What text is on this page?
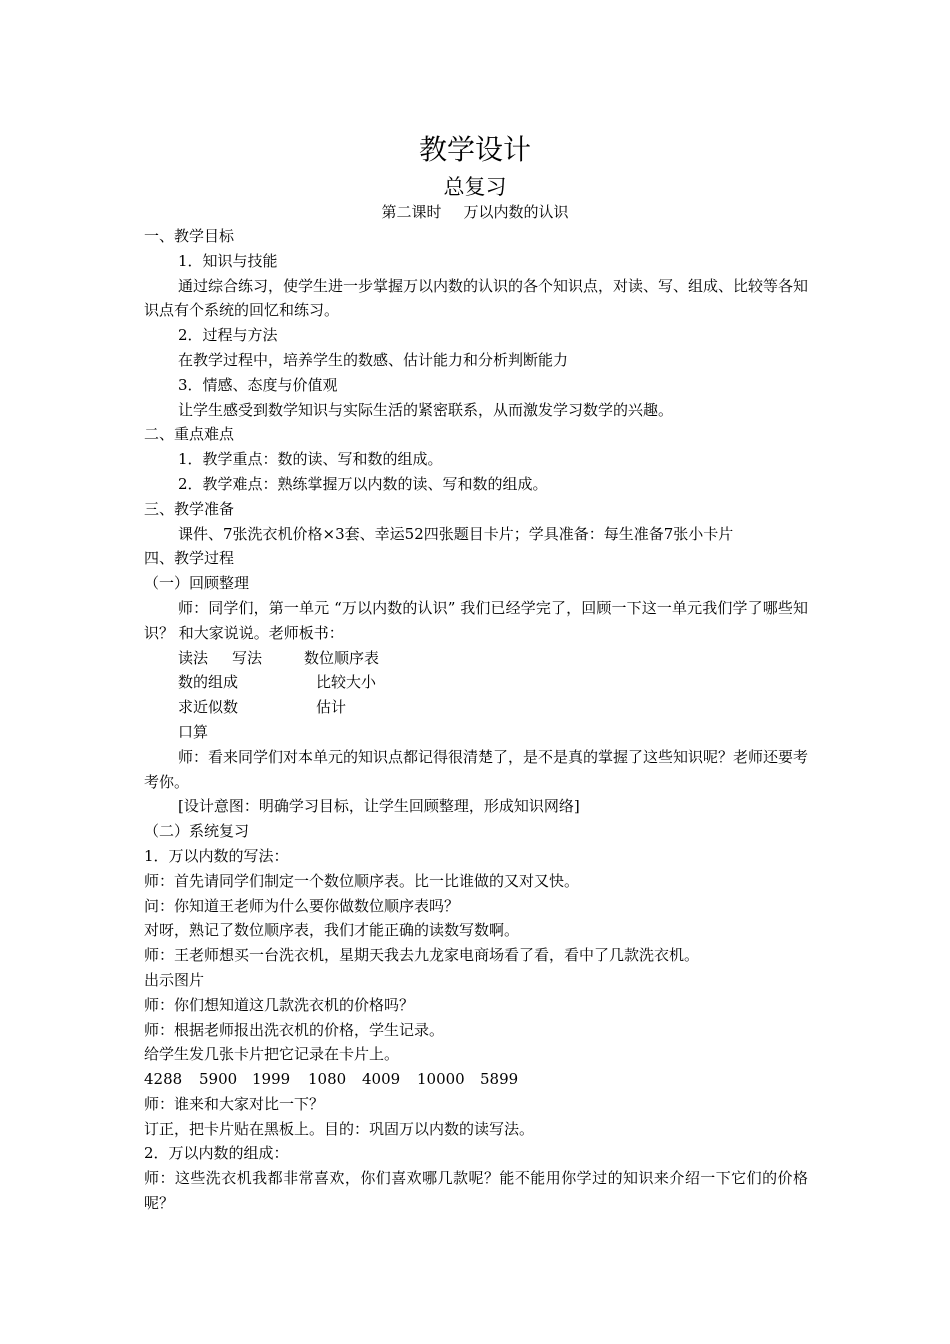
教学设计
总复习
第二课时 万以内数的认识

一、教学目标

1．知识与技能

通过综合练习，使学生进一步掌握万以内数的认识的各个知识点，对读、写、组成、比较等各知识点有个系统的回忆和练习。

2．过程与方法

在教学过程中，培养学生的数感、估计能力和分析判断能力

3．情感、态度与价值观

让学生感受到数学知识与实际生活的紧密联系，从而激发学习数学的兴趣。

二、重点难点

1．教学重点：数的读、写和数的组成。

2．教学难点：熟练掌握万以内数的读、写和数的组成。

三、教学准备

课件、7张洗衣机价格×3套、幸运52四张题目卡片；学具准备：每生准备7张小卡片

四、教学过程

（一）回顾整理

师：同学们，第一单元 “万以内数的认识” 我们已经学完了，回顾一下这一单元我们学了哪些知识？ 和大家说说。老师板书：

读法 写法	数位顺序表

数的组成	比较大小

求近似数	估计

口算

师：看来同学们对本单元的知识点都记得很清楚了，是不是真的掌握了这些知识呢？老师还要考考你。

[设计意图：明确学习目标，让学生回顾整理，形成知识网络]

（二）系统复习

1．万以内数的写法：

师：首先请同学们制定一个数位顺序表。比一比谁做的又对又快。

问：你知道王老师为什么要你做数位顺序表吗？

对呀，熟记了数位顺序表，我们才能正确的读数写数啊。

师：王老师想买一台洗衣机，星期天我去九龙家电商场看了看，看中了几款洗衣机。

出示图片

师：你们想知道这几款洗衣机的价格吗？

师：根据老师报出洗衣机的价格，学生记录。

给学生发几张卡片把它记录在卡片上。

4288 5900 1999 1080 4009 10000 5899

师：谁来和大家对比一下？

订正，把卡片贴在黑板上。目的：巩固万以内数的读写法。

2．万以内数的组成：

师：这些洗衣机我都非常喜欢，你们喜欢哪几款呢？能不能用你学过的知识来介绍一下它们的价格呢？
